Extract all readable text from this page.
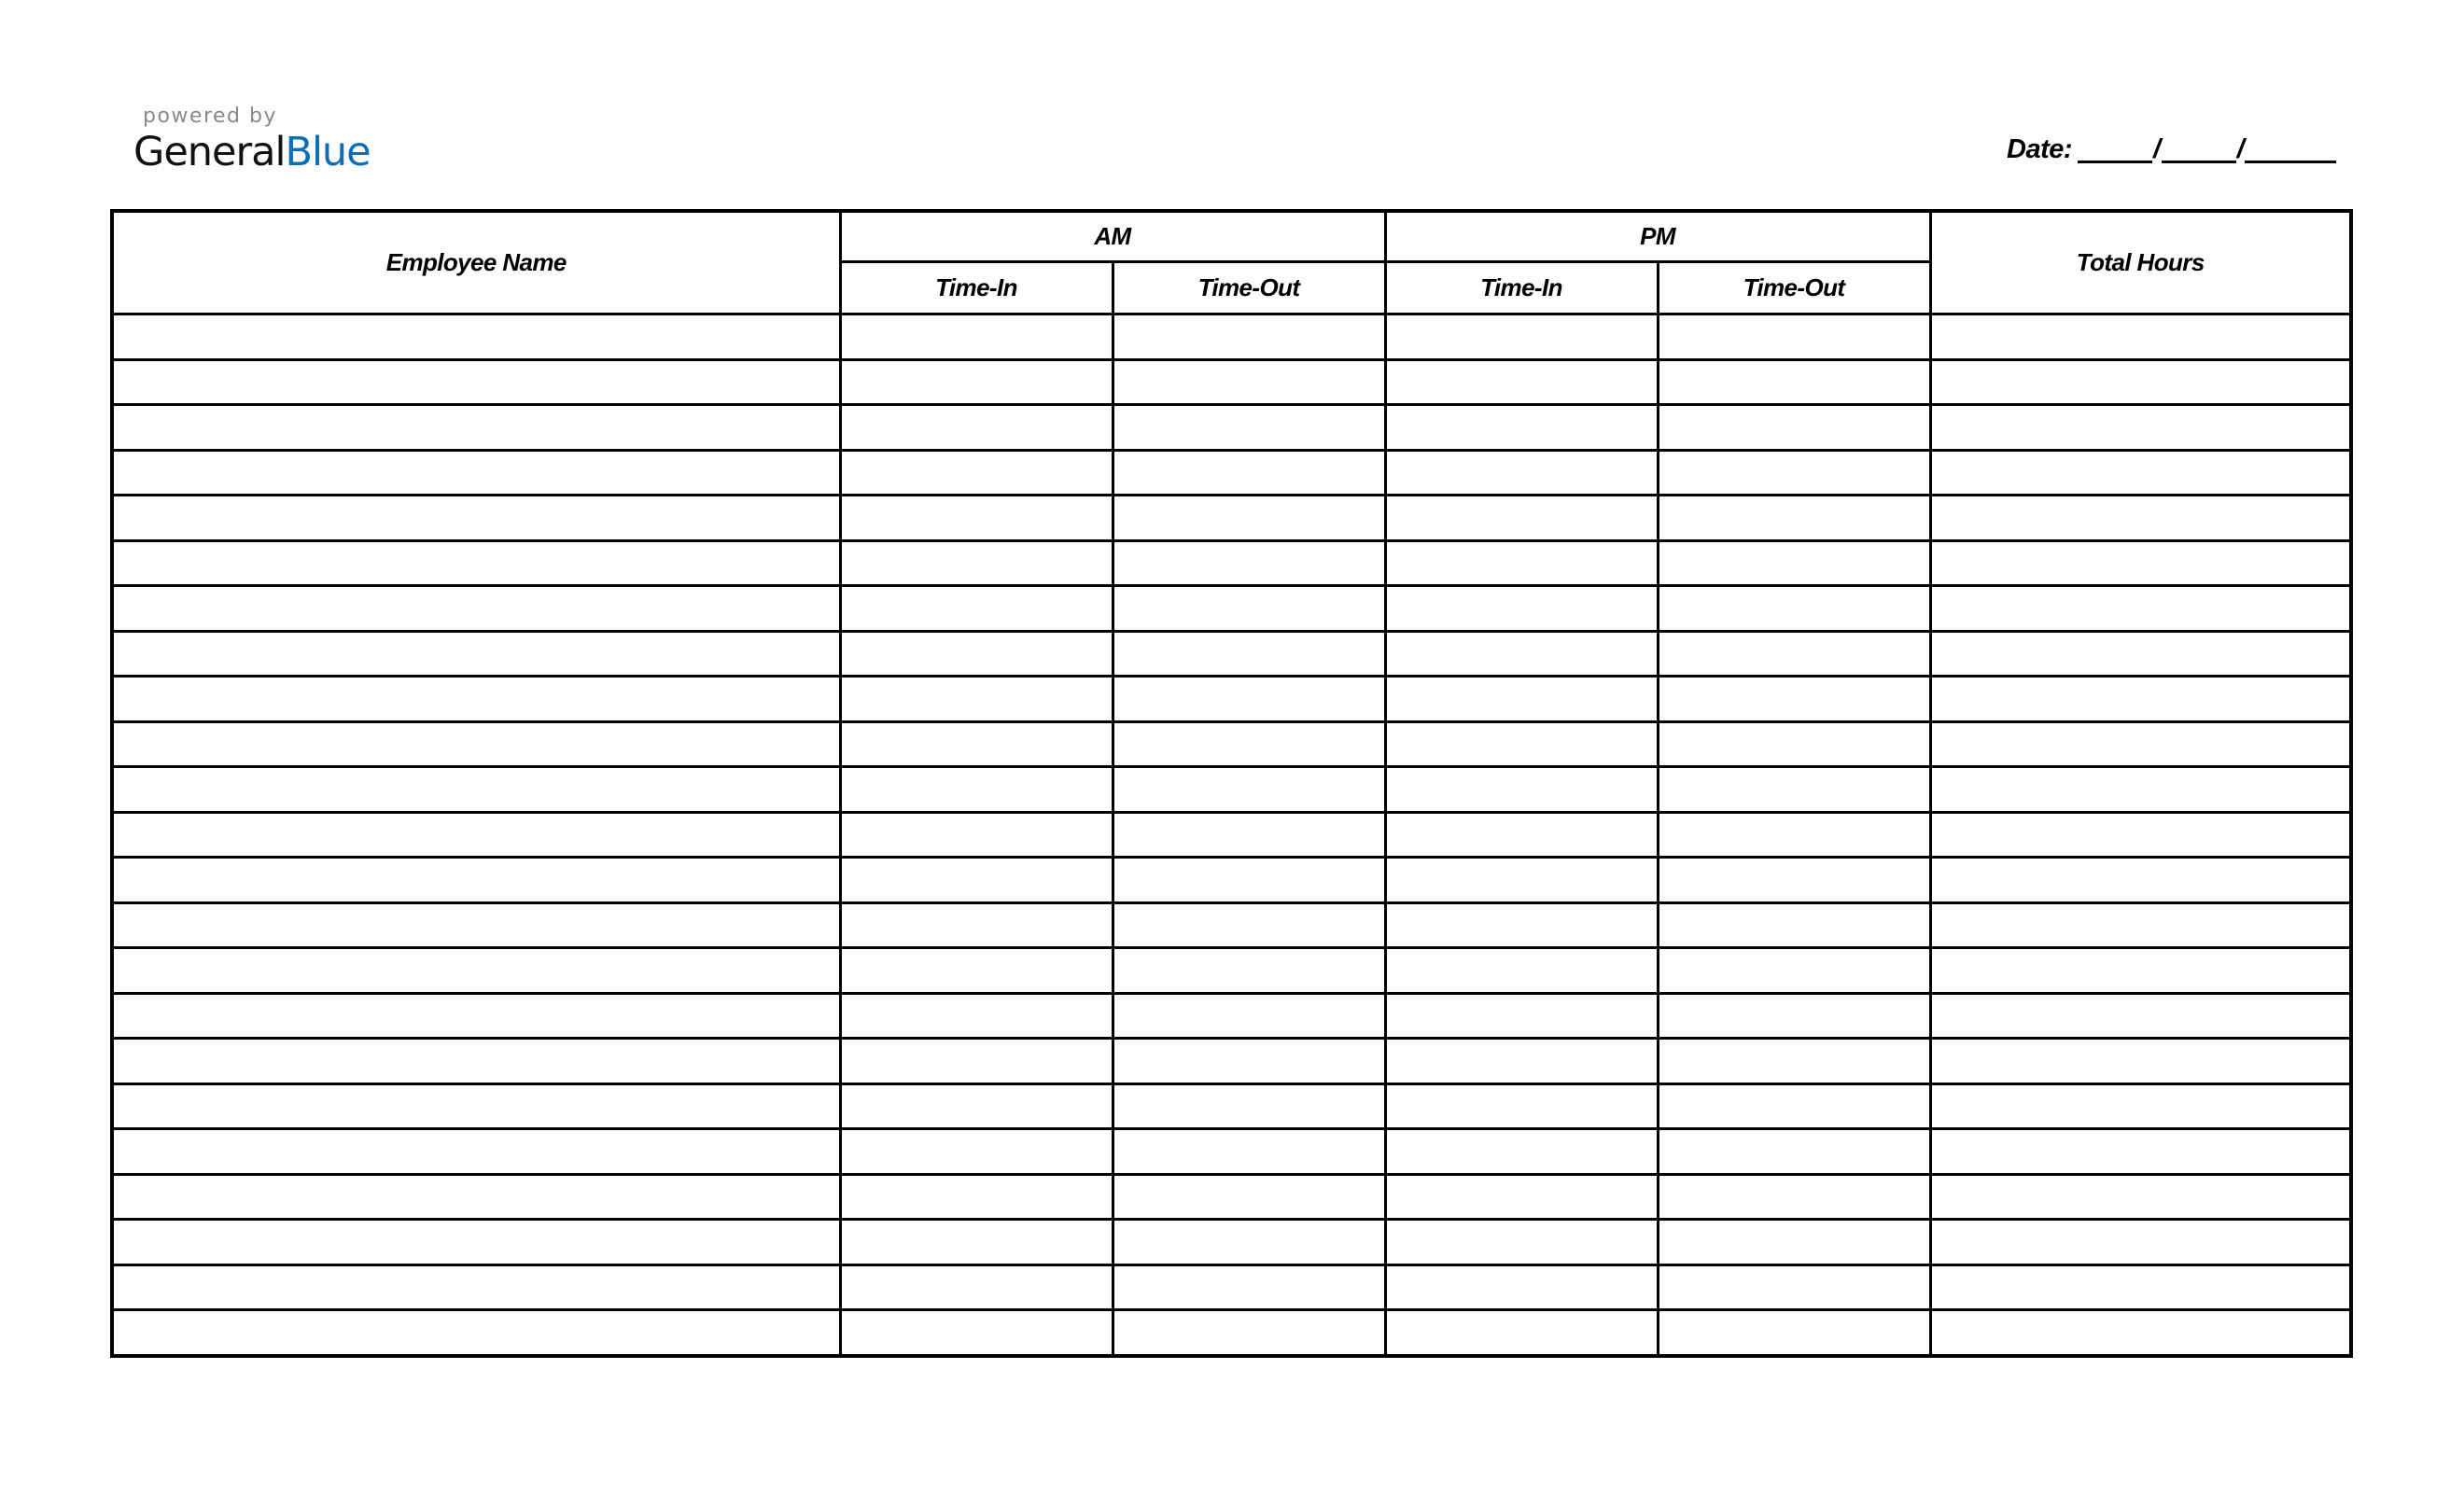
powered by
GeneralBlue	Date:	/	/
Employee Name	AM		PM		Total Hours
	Time-In	Time-Out	Time-In	Time-Out	
